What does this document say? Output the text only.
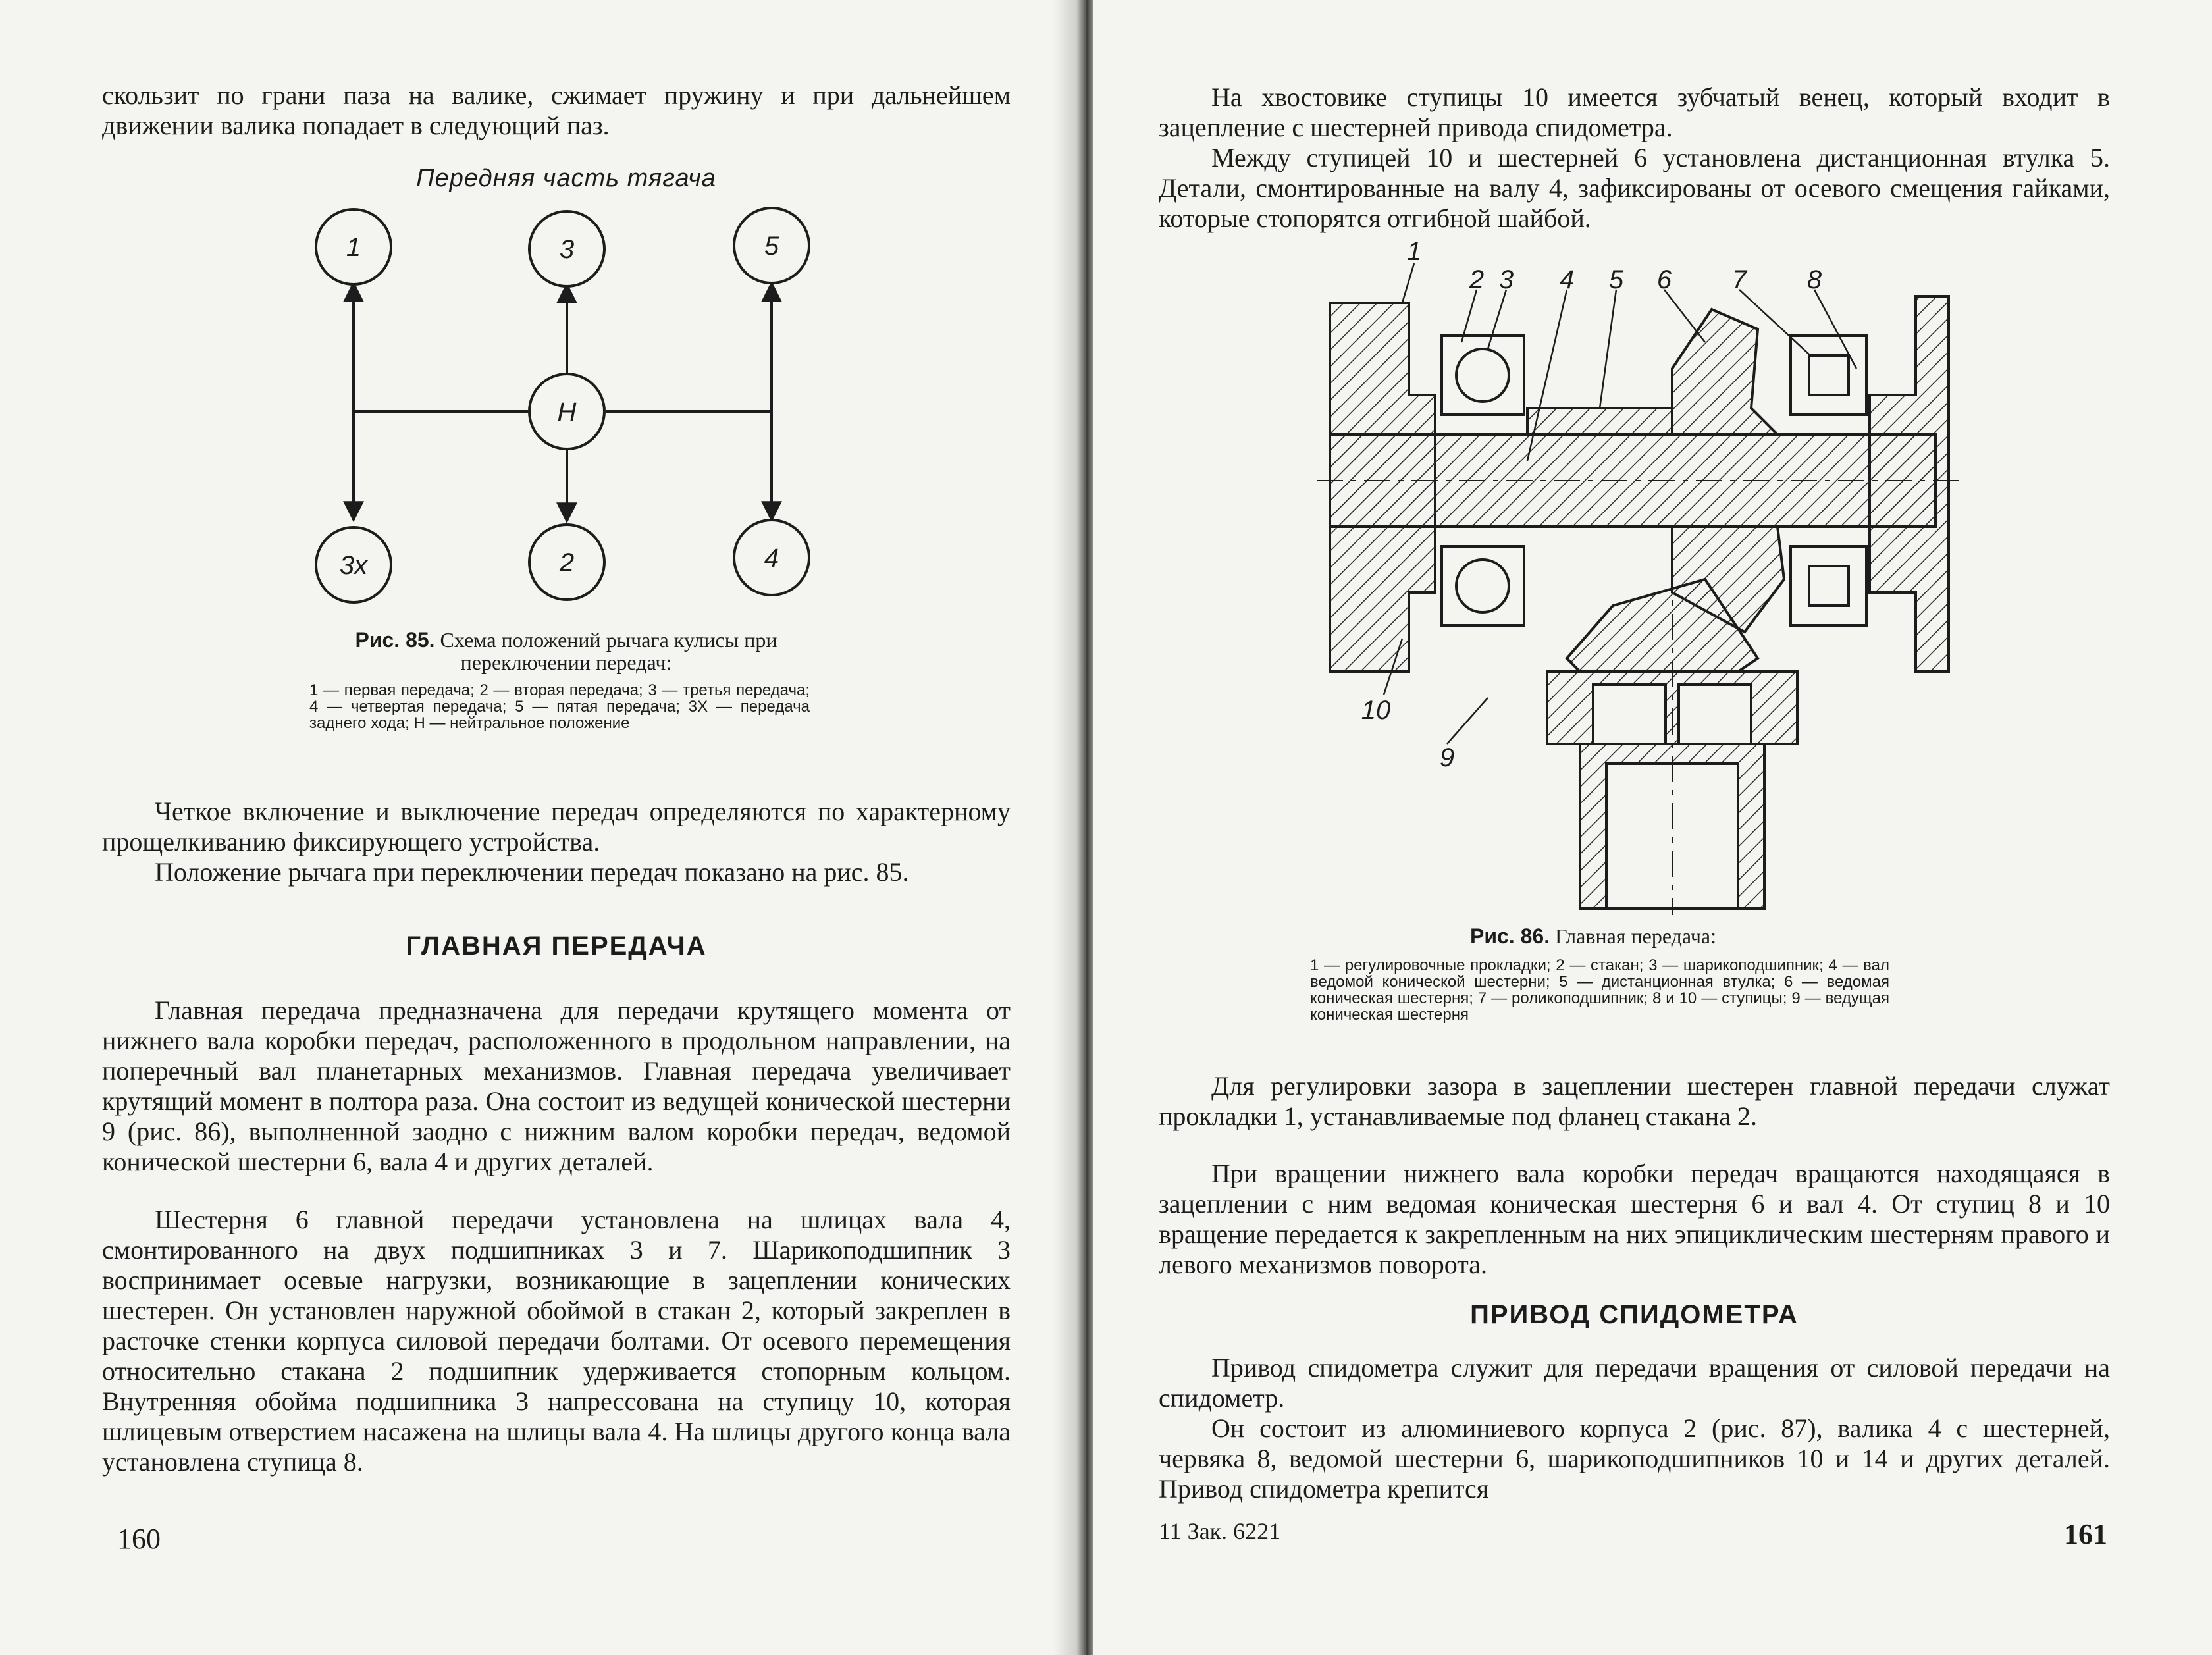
скользит по грани паза на валике, сжимает пружину и при дальнейшем движении валика попадает в следующий паз.

Передняя часть тягача

1	3	5
Н
3х	2	4

Рис. 85. Схема положений рычага кулисы при переключении передач:

1 — первая передача; 2 — вторая передача; 3 — третья передача; 4 — четвертая передача; 5 — пятая передача; 3Х — передача заднего хода; Н — нейтральное положение

Четкое включение и выключение передач определяются по характерному прощелкиванию фиксирующего устройства.

Положение рычага при переключении передач показано на рис. 85.

ГЛАВНАЯ ПЕРЕДАЧА

Главная передача предназначена для передачи крутящего момента от нижнего вала коробки передач, расположенного в продольном направлении, на поперечный вал планетарных механизмов. Главная передача увеличивает крутящий момент в полтора раза. Она состоит из ведущей конической шестерни 9 (рис. 86), выполненной заодно с нижним валом коробки передач, ведомой конической шестерни 6, вала 4 и других деталей.

Шестерня 6 главной передачи установлена на шлицах вала 4, смонтированного на двух подшипниках 3 и 7. Шарикоподшипник 3 воспринимает осевые нагрузки, возникающие в зацеплении конических шестерен. Он установлен наружной обоймой в стакан 2, который закреплен в расточке стенки корпуса силовой передачи болтами. От осевого перемещения относительно стакана 2 подшипник удерживается стопорным кольцом. Внутренняя обойма подшипника 3 напрессована на ступицу 10, которая шлицевым отверстием насажена на шлицы вала 4. На шлицы другого конца вала установлена ступица 8.

160

На хвостовике ступицы 10 имеется зубчатый венец, который входит в зацепление с шестерней привода спидометра.

Между ступицей 10 и шестерней 6 установлена дистанционная втулка 5. Детали, смонтированные на валу 4, зафиксированы от осевого смещения гайками, которые стопорятся отгибной шайбой.

1
2 3 4 5 6 7 8
9
10

Рис. 86. Главная передача:

1 — регулировочные прокладки; 2 — стакан; 3 — шарикоподшипник; 4 — вал ведомой конической шестерни; 5 — дистанционная втулка; 6 — ведомая коническая шестерня; 7 — роликоподшипник; 8 и 10 — ступицы; 9 — ведущая коническая шестерня

Для регулировки зазора в зацеплении шестерен главной передачи служат прокладки 1, устанавливаемые под фланец стакана 2.

При вращении нижнего вала коробки передач вращаются находящаяся в зацеплении с ним ведомая коническая шестерня 6 и вал 4. От ступиц 8 и 10 вращение передается к закрепленным на них эпициклическим шестерням правого и левого механизмов поворота.

ПРИВОД СПИДОМЕТРА

Привод спидометра служит для передачи вращения от силовой передачи на спидометр.

Он состоит из алюминиевого корпуса 2 (рис. 87), валика 4 с шестерней, червяка 8, ведомой шестерни 6, шарикоподшипников 10 и 14 и других деталей. Привод спидометра крепится

11 Зак. 6221	161
